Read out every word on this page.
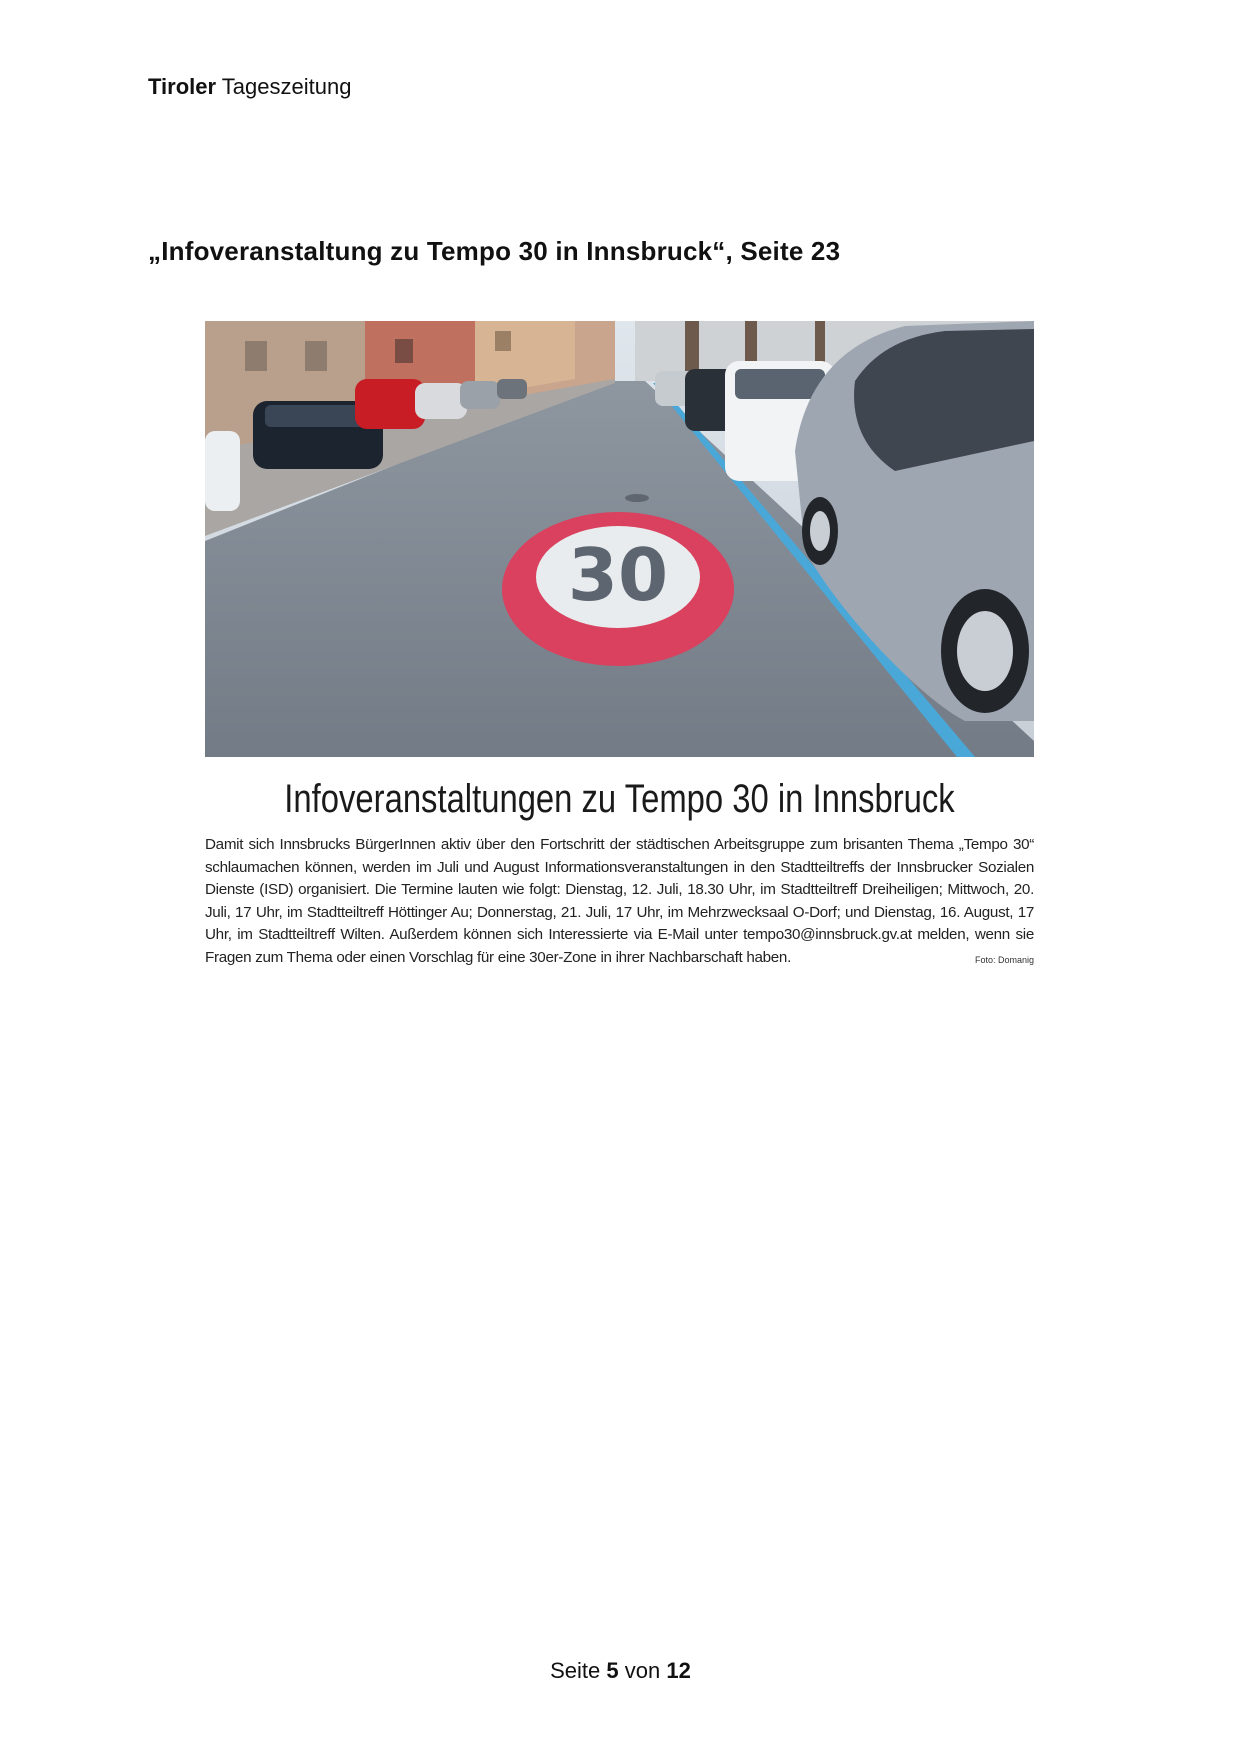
Tiroler Tageszeitung
„Infoveranstaltung zu Tempo 30 in Innsbruck“, Seite 23
30
Infoveranstaltungen zu Tempo 30 in Innsbruck
Damit sich Innsbrucks BürgerInnen aktiv über den Fortschritt der städtischen Arbeitsgruppe zum brisanten Thema „Tempo 30“ schlaumachen können, werden im Juli und August Informationsveranstaltungen in den Stadtteiltreffs der Innsbrucker Sozialen Dienste (ISD) organisiert. Die Termine lauten wie folgt: Dienstag, 12. Juli, 18.30 Uhr, im Stadtteiltreff Dreiheiligen; Mittwoch, 20. Juli, 17 Uhr, im Stadtteiltreff Höttinger Au; Donnerstag, 21. Juli, 17 Uhr, im Mehrzwecksaal O-Dorf; und Dienstag, 16. August, 17 Uhr, im Stadtteiltreff Wilten. Außerdem können sich Interessierte via E-Mail unter tempo30@innsbruck.gv.at melden, wenn sie Fragen zum Thema oder einen Vorschlag für eine 30er-Zone in ihrer Nachbarschaft haben.	Foto: Domanig
Seite 5 von 12
